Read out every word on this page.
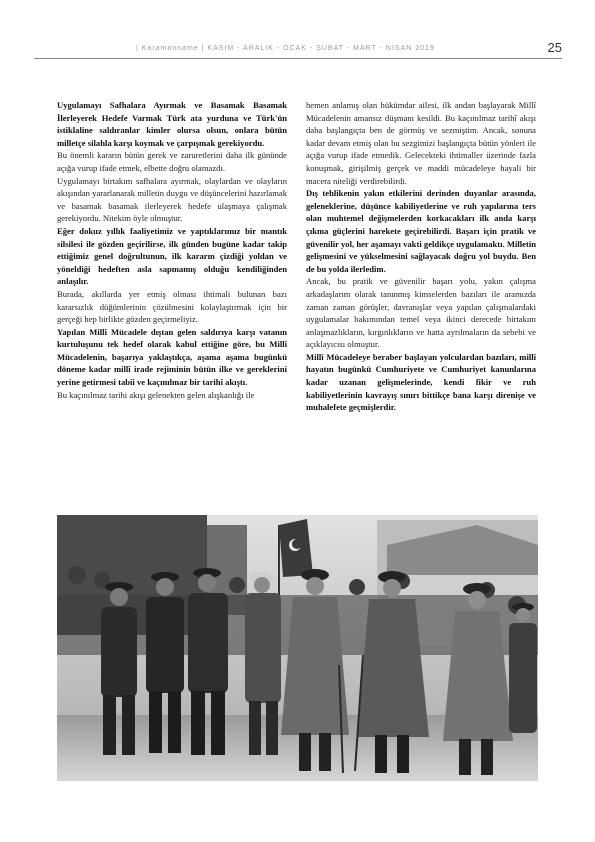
| Karamanname | KASIM - ARALIK - OCAK - ŞUBAT - MART - NİSAN 2019	25

Uygulamayı Safhalara Ayırmak ve Basamak Basamak İlerleyerek Hedefe Varmak Türk ata yurduna ve Türk'ün istiklaline saldıranlar kimler olursa olsun, onlara bütün milletçe silahla karşı koymak ve çarpışmak gerekiyordu.

Bu önemli kararın bütün gerek ve zaruretlerini daha ilk gününde açığa vurup ifade etmek, elbette doğru olamazdı.

Uygulamayı birtakım safhalara ayırmak, olaylardan ve olayların akışından yararlanarak milletin duygu ve düşüncelerini hazırlamak ve basamak basamak ilerleyerek hedefe ulaşmaya çalışmak gerekiyordu. Nitekim öyle olmuştur.

Eğer dokuz yıllık faaliyetimiz ve yaptıklarımız bir mantık silsilesi ile gözden geçirilirse, ilk günden bugüne kadar takip ettiğimiz genel doğrultunun, ilk kararın çizdiği yoldan ve yöneldiği hedeften asla sapmamış olduğu kendiliğinden anlaşılır.

Burada, akıllarda yer etmiş olması ihtimali bulunan bazı kararsızlık düğümlerinin çözülmesini kolaylaştırmak için bir gerçeği hep birlikte gözden geçirmeliyiz.

Yapılan Millî Mücadele dıştan gelen saldırıya karşı vatanın kurtuluşunu tek hedef olarak kabul ettiğine göre, bu Millî Mücadelenin, başarıya yaklaştıkça, aşama aşama bugünkü döneme kadar millî irade rejiminin bütün ilke ve gereklerini yerine getirmesi tabii ve kaçınılmaz bir tarihî akıştı.

Bu kaçınılmaz tarihi akışı gelenekten gelen alışkanlığı ile

hemen anlamış olan hükümdar ailesi, ilk andan başlayarak Millî Mücadelenin amansız düşmanı kesildi. Bu kaçınılmaz tarihî akışı daha başlangıçta ben de görmüş ve sezmiştim. Ancak, sonuna kadar devam etmiş olan bu sezgimizi başlangıçta bütün yönleri ile açığa vurup ifade etmedik. Gelecekteki ihtimaller üzerinde fazla konuşmak, girişilmiş gerçek ve maddi mücadeleye hayali bir macera niteliği verdirebilirdi.

Dış tehlikenin yakın etkilerini derinden duyanlar arasında, geleneklerine, düşünce kabiliyetlerine ve ruh yapılarına ters olan muhtemel değişmelerden korkacakları ilk anda karşı çıkma güçlerini harekete geçirebilirdi. Başarı için pratik ve güvenilir yol, her aşamayı vakti geldikçe uygulamaktı. Milletin gelişmesini ve yükselmesini sağlayacak doğru yol buydu. Ben de bu yolda ilerledim.

Ancak, bu pratik ve güvenilir başarı yolu, yakın çalışma arkadaşlarım olarak tanınmış kimselerden bazıları ile aramızda zaman zaman görüşler, davranışlar veya yapılan çalışmalardaki uygulamalar bakımından temel veya ikinci derecede birtakım anlaşmazlıkların, kırgınlıkların ve hatta ayrılmaların da sebebi ve açıklayıcısı olmuştur.

Millî Mücadeleye beraber başlayan yolculardan bazıları, millî hayatın bugünkü Cumhuriyete ve Cumhuriyet kanunlarına kadar uzanan gelişmelerinde, kendi fikir ve ruh kabiliyetlerinin kavrayış sınırı bittikçe bana karşı direnişe ve muhalefete geçmişlerdir.
